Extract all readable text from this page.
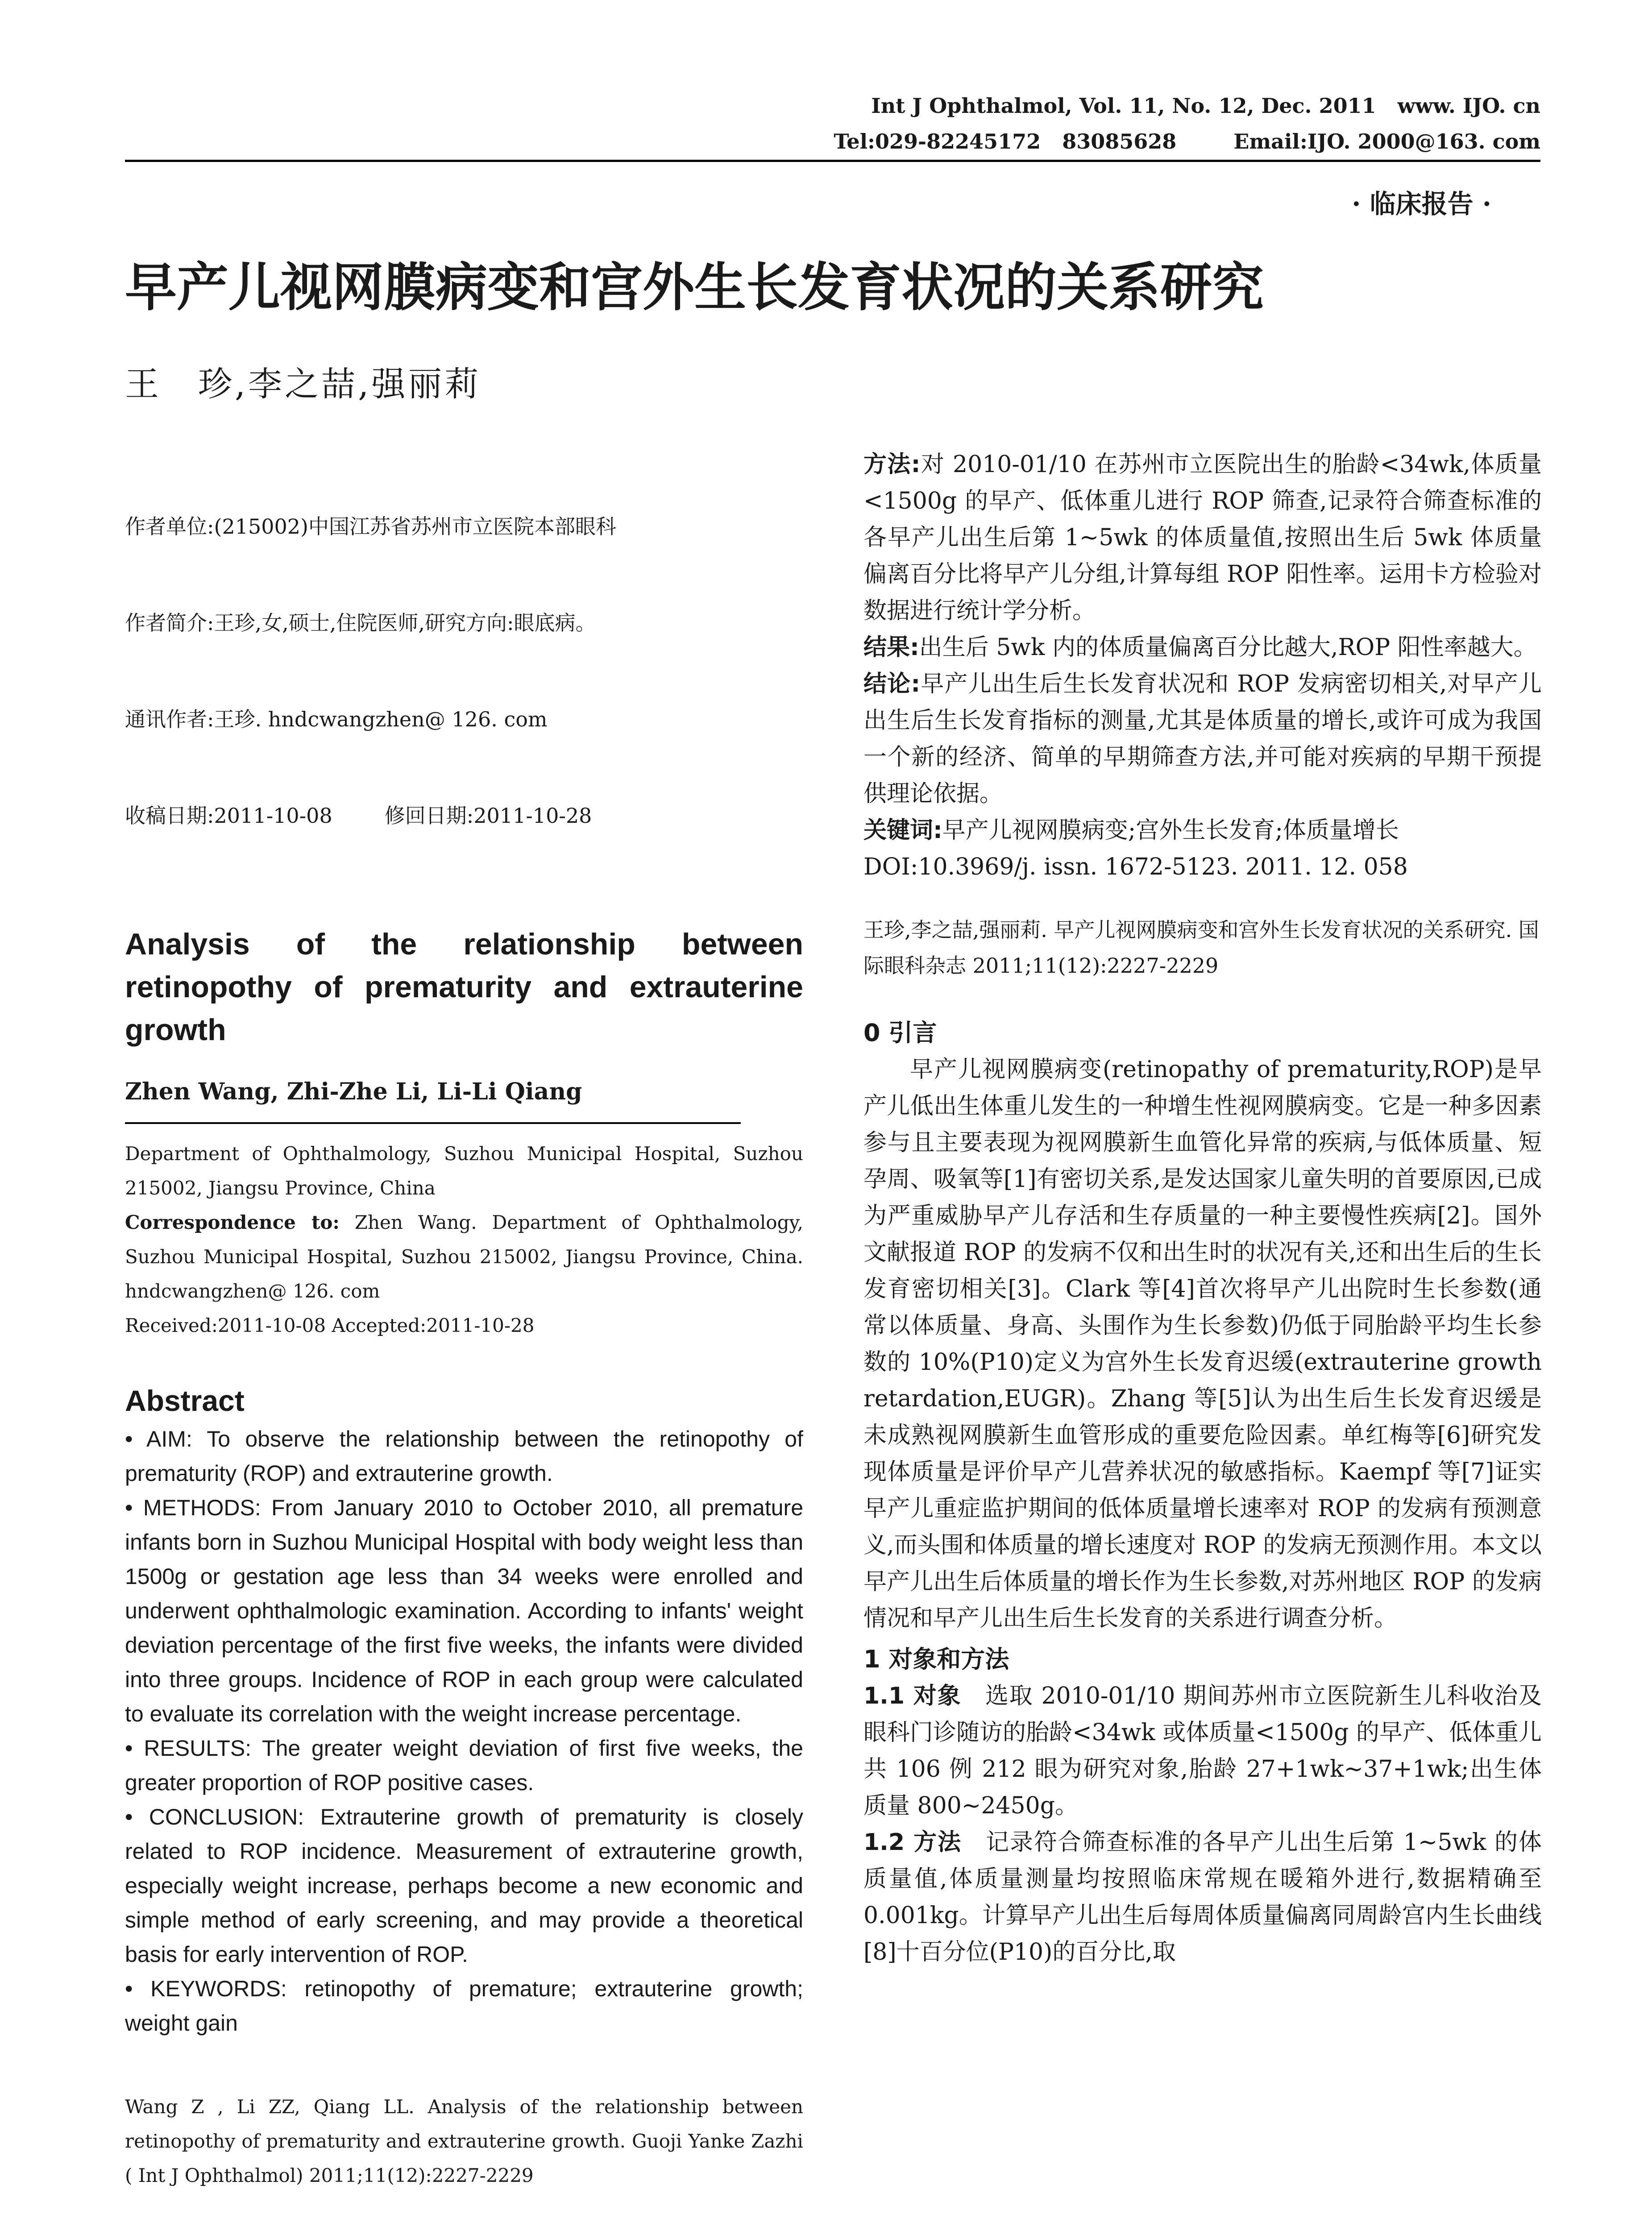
Int J Ophthalmol, Vol. 11, No. 12, Dec. 2011   www. IJO. cn
Tel:029-82245172   83085628        Email:IJO. 2000@163. com
· 临床报告 ·
早产儿视网膜病变和宫外生长发育状况的关系研究
王　珍,李之喆,强丽莉

作者单位:(215002)中国江苏省苏州市立医院本部眼科

作者简介:王珍,女,硕士,住院医师,研究方向:眼底病。

通讯作者:王珍. hndcwangzhen@ 126. com

收稿日期:2011-10-08        修回日期:2011-10-28

Analysis of the relationship between retinopothy of prematurity and extrauterine growth
Zhen Wang, Zhi-Zhe Li, Li-Li Qiang
Department of Ophthalmology, Suzhou Municipal Hospital, Suzhou 215002, Jiangsu Province, China
Correspondence to: Zhen Wang. Department of Ophthalmology, Suzhou Municipal Hospital, Suzhou 215002, Jiangsu Province, China. hndcwangzhen@ 126. com
Received:2011-10-08 Accepted:2011-10-28
Abstract

• AIM: To observe the relationship between the retinopothy of prematurity (ROP) and extrauterine growth.

• METHODS: From January 2010 to October 2010, all premature infants born in Suzhou Municipal Hospital with body weight less than 1500g or gestation age less than 34 weeks were enrolled and underwent ophthalmologic examination. According to infants' weight deviation percentage of the first five weeks, the infants were divided into three groups. Incidence of ROP in each group were calculated to evaluate its correlation with the weight increase percentage.

• RESULTS: The greater weight deviation of first five weeks, the greater proportion of ROP positive cases.

• CONCLUSION: Extrauterine growth of prematurity is closely related to ROP incidence. Measurement of extrauterine growth, especially weight increase, perhaps become a new economic and simple method of early screening, and may provide a theoretical basis for early intervention of ROP.

• KEYWORDS: retinopothy of premature; extrauterine growth; weight gain

Wang Z , Li ZZ, Qiang LL. Analysis of the relationship between retinopothy of prematurity and extrauterine growth. Guoji Yanke Zazhi ( Int J Ophthalmol) 2011;11(12):2227-2229

方法:对 2010-01/10 在苏州市立医院出生的胎龄<34wk,体质量<1500g 的早产、低体重儿进行 ROP 筛查,记录符合筛查标准的各早产儿出生后第 1~5wk 的体质量值,按照出生后 5wk 体质量偏离百分比将早产儿分组,计算每组 ROP 阳性率。运用卡方检验对数据进行统计学分析。

结果:出生后 5wk 内的体质量偏离百分比越大,ROP 阳性率越大。

结论:早产儿出生后生长发育状况和 ROP 发病密切相关,对早产儿出生后生长发育指标的测量,尤其是体质量的增长,或许可成为我国一个新的经济、简单的早期筛查方法,并可能对疾病的早期干预提供理论依据。

关键词:早产儿视网膜病变;宫外生长发育;体质量增长

DOI:10.3969/j. issn. 1672-5123. 2011. 12. 058

王珍,李之喆,强丽莉. 早产儿视网膜病变和宫外生长发育状况的关系研究. 国际眼科杂志 2011;11(12):2227-2229
0 引言
早产儿视网膜病变(retinopathy of prematurity,ROP)是早产儿低出生体重儿发生的一种增生性视网膜病变。它是一种多因素参与且主要表现为视网膜新生血管化异常的疾病,与低体质量、短孕周、吸氧等[1]有密切关系,是发达国家儿童失明的首要原因,已成为严重威胁早产儿存活和生存质量的一种主要慢性疾病[2]。国外文献报道 ROP 的发病不仅和出生时的状况有关,还和出生后的生长发育密切相关[3]。Clark 等[4]首次将早产儿出院时生长参数(通常以体质量、身高、头围作为生长参数)仍低于同胎龄平均生长参数的 10%(P10)定义为宫外生长发育迟缓(extrauterine growth retardation,EUGR)。Zhang 等[5]认为出生后生长发育迟缓是未成熟视网膜新生血管形成的重要危险因素。单红梅等[6]研究发现体质量是评价早产儿营养状况的敏感指标。Kaempf 等[7]证实早产儿重症监护期间的低体质量增长速率对 ROP 的发病有预测意义,而头围和体质量的增长速度对 ROP 的发病无预测作用。本文以早产儿出生后体质量的增长作为生长参数,对苏州地区 ROP 的发病情况和早产儿出生后生长发育的关系进行调查分析。
1 对象和方法
1.1 对象　 选取 2010-01/10 期间苏州市立医院新生儿科收治及眼科门诊随访的胎龄<34wk 或体质量<1500g 的早产、低体重儿共 106 例 212 眼为研究对象,胎龄 27+1wk~37+1wk;出生体质量 800~2450g。
1.2 方法　 记录符合筛查标准的各早产儿出生后第 1~5wk 的体质量值,体质量测量均按照临床常规在暖箱外进行,数据精确至 0.001kg。计算早产儿出生后每周体质量偏离同周龄宫内生长曲线[8]十百分位(P10)的百分比,取
